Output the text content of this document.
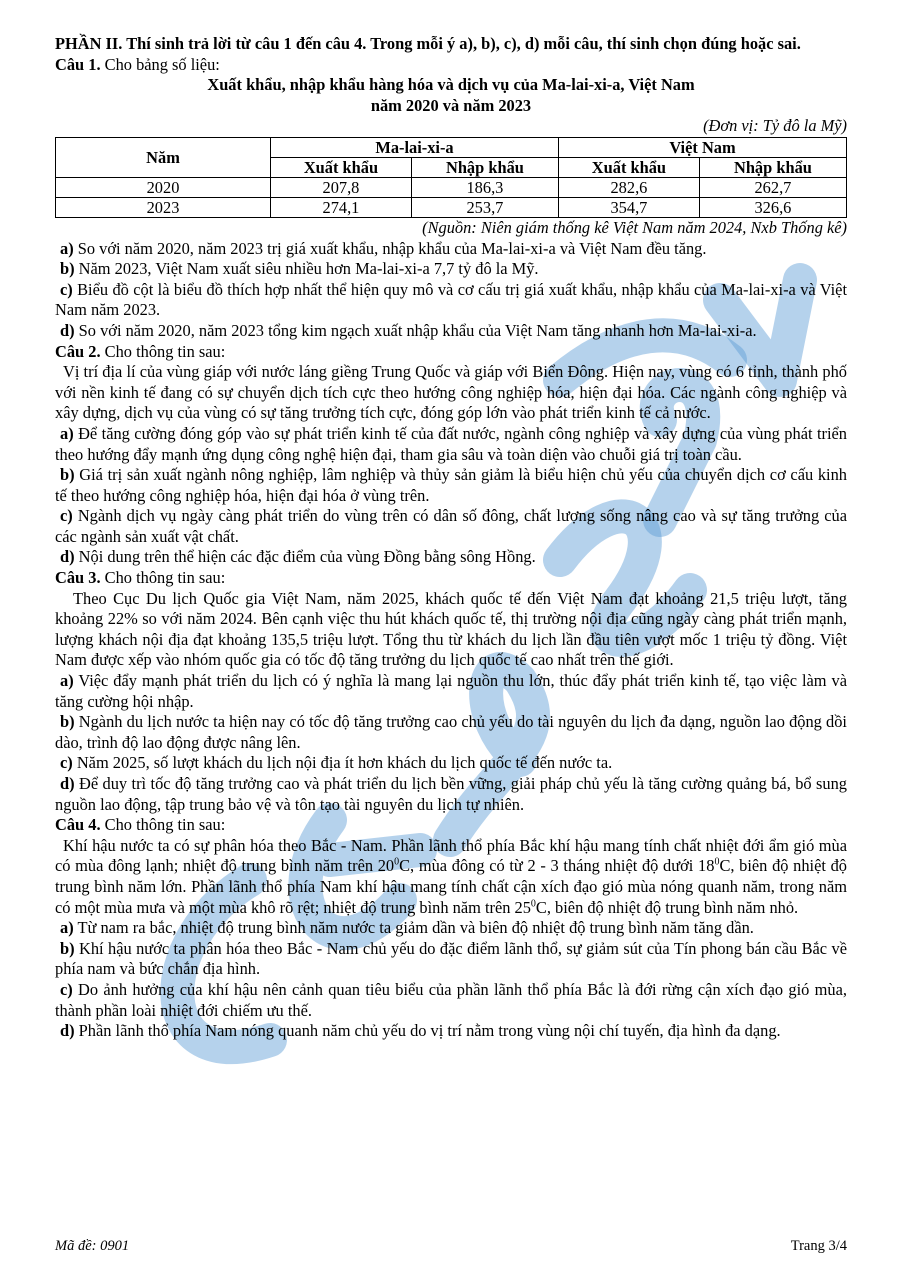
PHẦN II. Thí sinh trả lời từ câu 1 đến câu 4. Trong mỗi ý a), b), c), d) mỗi câu, thí sinh chọn đúng hoặc sai.

Câu 1. Cho bảng số liệu:

Xuất khẩu, nhập khẩu hàng hóa và dịch vụ của Ma-lai-xi-a, Việt Nam

năm 2020 và năm 2023

(Đơn vị: Tỷ đô la Mỹ)

Năm	Ma-lai-xi-a		Việt Nam	
	Xuất khẩu	Nhập khẩu	Xuất khẩu	Nhập khẩu
2020	207,8	186,3	282,6	262,7
2023	274,1	253,7	354,7	326,6

(Nguồn: Niên giám thống kê Việt Nam năm 2024, Nxb Thống kê)

a) So với năm 2020, năm 2023 trị giá xuất khẩu, nhập khẩu của Ma-lai-xi-a và Việt Nam đều tăng.

b) Năm 2023, Việt Nam xuất siêu nhiều hơn Ma-lai-xi-a 7,7 tỷ đô la Mỹ.

c) Biểu đồ cột là biểu đồ thích hợp nhất thể hiện quy mô và cơ cấu trị giá xuất khẩu, nhập khẩu của Ma-lai-xi-a và Việt Nam năm 2023.

d) So với năm 2020, năm 2023 tổng kim ngạch xuất nhập khẩu của Việt Nam tăng nhanh hơn Ma-lai-xi-a.

Câu 2. Cho thông tin sau:

Vị trí địa lí của vùng giáp với nước láng giềng Trung Quốc và giáp với Biển Đông. Hiện nay, vùng có 6 tỉnh, thành phố với nền kinh tế đang có sự chuyển dịch tích cực theo hướng công nghiệp hóa, hiện đại hóa. Các ngành công nghiệp và xây dựng, dịch vụ của vùng có sự tăng trưởng tích cực, đóng góp lớn vào phát triển kinh tế cả nước.

a) Để tăng cường đóng góp vào sự phát triển kinh tế của đất nước, ngành công nghiệp và xây dựng của vùng phát triển theo hướng đẩy mạnh ứng dụng công nghệ hiện đại, tham gia sâu và toàn diện vào chuỗi giá trị toàn cầu.

b) Giá trị sản xuất ngành nông nghiệp, lâm nghiệp và thủy sản giảm là biểu hiện chủ yếu của chuyển dịch cơ cấu kinh tế theo hướng công nghiệp hóa, hiện đại hóa ở vùng trên.

c) Ngành dịch vụ ngày càng phát triển do vùng trên có dân số đông, chất lượng sống nâng cao và sự tăng trưởng của các ngành sản xuất vật chất.

d) Nội dung trên thể hiện các đặc điểm của vùng Đồng bằng sông Hồng.

Câu 3. Cho thông tin sau:

Theo Cục Du lịch Quốc gia Việt Nam, năm 2025, khách quốc tế đến Việt Nam đạt khoảng 21,5 triệu lượt, tăng khoảng 22% so với năm 2024. Bên cạnh việc thu hút khách quốc tế, thị trường nội địa cũng ngày càng phát triển mạnh, lượng khách nội địa đạt khoảng 135,5 triệu lượt. Tổng thu từ khách du lịch lần đầu tiên vượt mốc 1 triệu tỷ đồng. Việt Nam được xếp vào nhóm quốc gia có tốc độ tăng trưởng du lịch quốc tế cao nhất trên thế giới.

a) Việc đẩy mạnh phát triển du lịch có ý nghĩa là mang lại nguồn thu lớn, thúc đẩy phát triển kinh tế, tạo việc làm và tăng cường hội nhập.

b) Ngành du lịch nước ta hiện nay có tốc độ tăng trưởng cao chủ yếu do tài nguyên du lịch đa dạng, nguồn lao động dồi dào, trình độ lao động được nâng lên.

c) Năm 2025, số lượt khách du lịch nội địa ít hơn khách du lịch quốc tế đến nước ta.

d) Để duy trì tốc độ tăng trưởng cao và phát triển du lịch bền vững, giải pháp chủ yếu là tăng cường quảng bá, bổ sung nguồn lao động, tập trung bảo vệ và tôn tạo tài nguyên du lịch tự nhiên.

Câu 4. Cho thông tin sau:

Khí hậu nước ta có sự phân hóa theo Bắc - Nam. Phần lãnh thổ phía Bắc khí hậu mang tính chất nhiệt đới ẩm gió mùa có mùa đông lạnh; nhiệt độ trung bình năm trên $20^0C$, mùa đông có từ 2 - 3 tháng nhiệt độ dưới $18^0C$, biên độ nhiệt độ trung bình năm lớn. Phần lãnh thổ phía Nam khí hậu mang tính chất cận xích đạo gió mùa nóng quanh năm, trong năm có một mùa mưa và một mùa khô rõ rệt; nhiệt độ trung bình năm trên $25^0C$, biên độ nhiệt độ trung bình năm nhỏ.

a) Từ nam ra bắc, nhiệt độ trung bình năm nước ta giảm dần và biên độ nhiệt độ trung bình năm tăng dần.

b) Khí hậu nước ta phân hóa theo Bắc - Nam chủ yếu do đặc điểm lãnh thổ, sự giảm sút của Tín phong bán cầu Bắc về phía nam và bức chắn địa hình.

c) Do ảnh hưởng của khí hậu nên cảnh quan tiêu biểu của phần lãnh thổ phía Bắc là đới rừng cận xích đạo gió mùa, thành phần loài nhiệt đới chiếm ưu thế.

d) Phần lãnh thổ phía Nam nóng quanh năm chủ yếu do vị trí nằm trong vùng nội chí tuyến, địa hình đa dạng.

Mã đề: 0901	Trang 3/4
